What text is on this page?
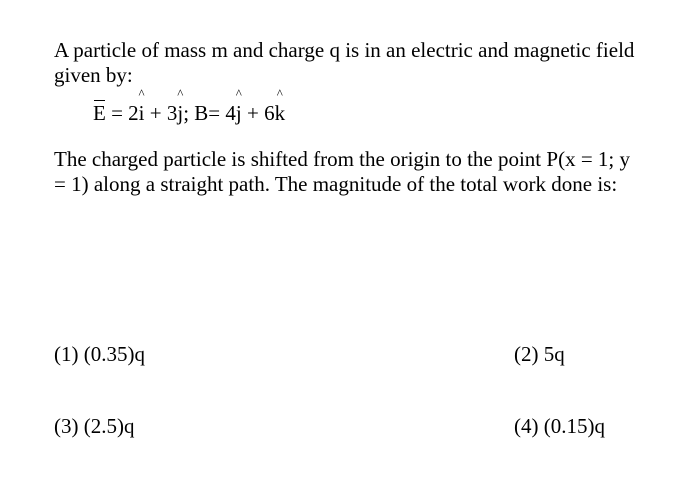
A particle of mass m and charge q is in an electric and magnetic field given by:
E = 2^ i + 3^ j; B= 4^ j + 6^ k
The charged particle is shifted from the origin to the point P(x = 1; y = 1) along a straight path. The magnitude of the total work done is:
(1) (0.35)q	(2) 5q
(3) (2.5)q	(4) (0.15)q
